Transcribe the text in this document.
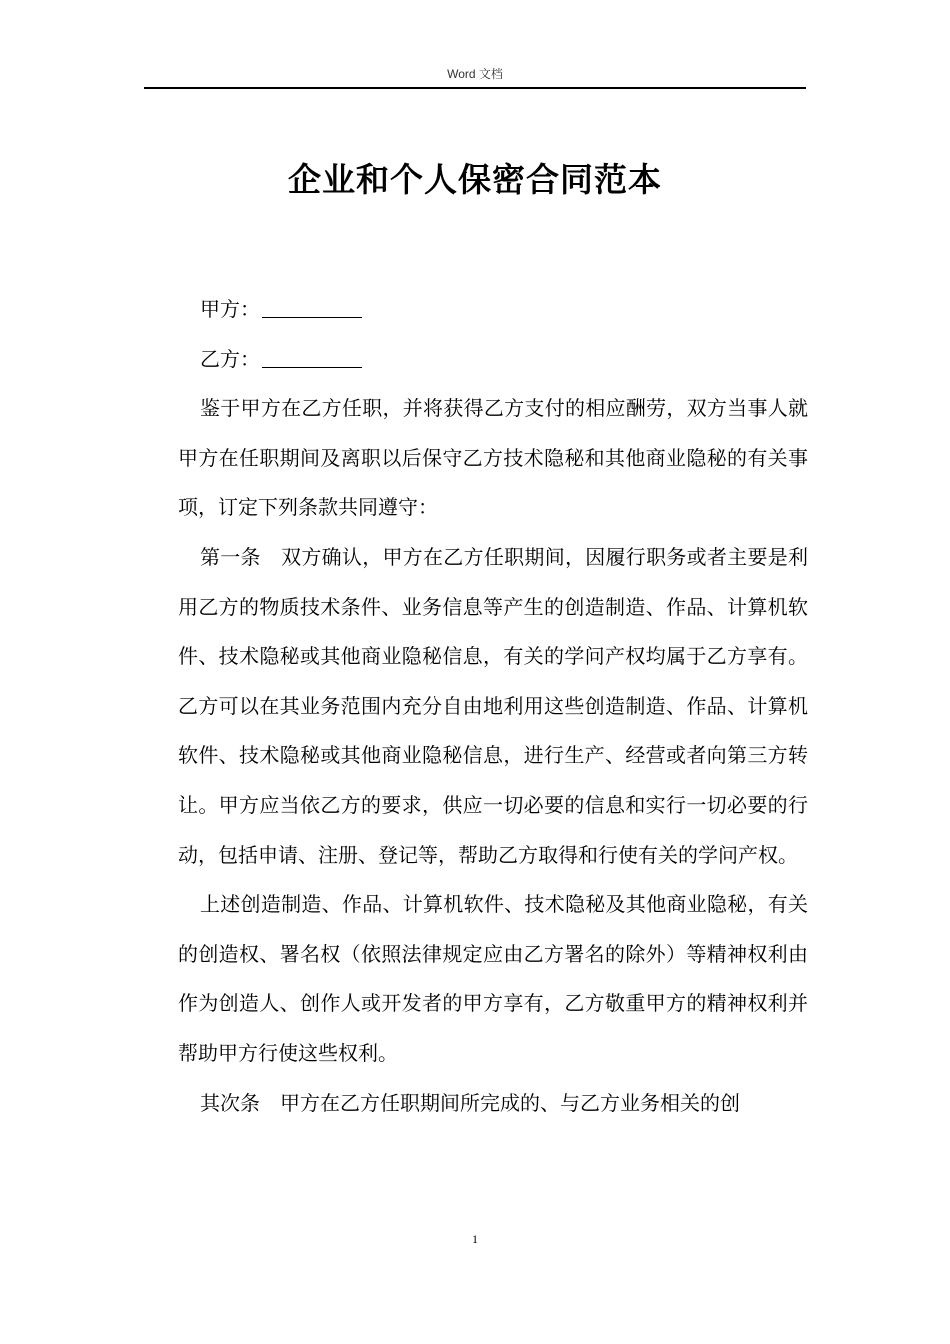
Word 文档
企业和个人保密合同范本

甲方：

乙方：

鉴于甲方在乙方任职，并将获得乙方支付的相应酬劳，双方当事人就甲方在任职期间及离职以后保守乙方技术隐秘和其他商业隐秘的有关事项，订定下列条款共同遵守：

第一条　双方确认，甲方在乙方任职期间，因履行职务或者主要是利用乙方的物质技术条件、业务信息等产生的创造制造、作品、计算机软件、技术隐秘或其他商业隐秘信息，有关的学问产权均属于乙方享有。乙方可以在其业务范围内充分自由地利用这些创造制造、作品、计算机软件、技术隐秘或其他商业隐秘信息，进行生产、经营或者向第三方转让。甲方应当依乙方的要求，供应一切必要的信息和实行一切必要的行动，包括申请、注册、登记等，帮助乙方取得和行使有关的学问产权。

上述创造制造、作品、计算机软件、技术隐秘及其他商业隐秘，有关的创造权、署名权（依照法律规定应由乙方署名的除外）等精神权利由作为创造人、创作人或开发者的甲方享有，乙方敬重甲方的精神权利并帮助甲方行使这些权利。

其次条　甲方在乙方任职期间所完成的、与乙方业务相关的创

1
